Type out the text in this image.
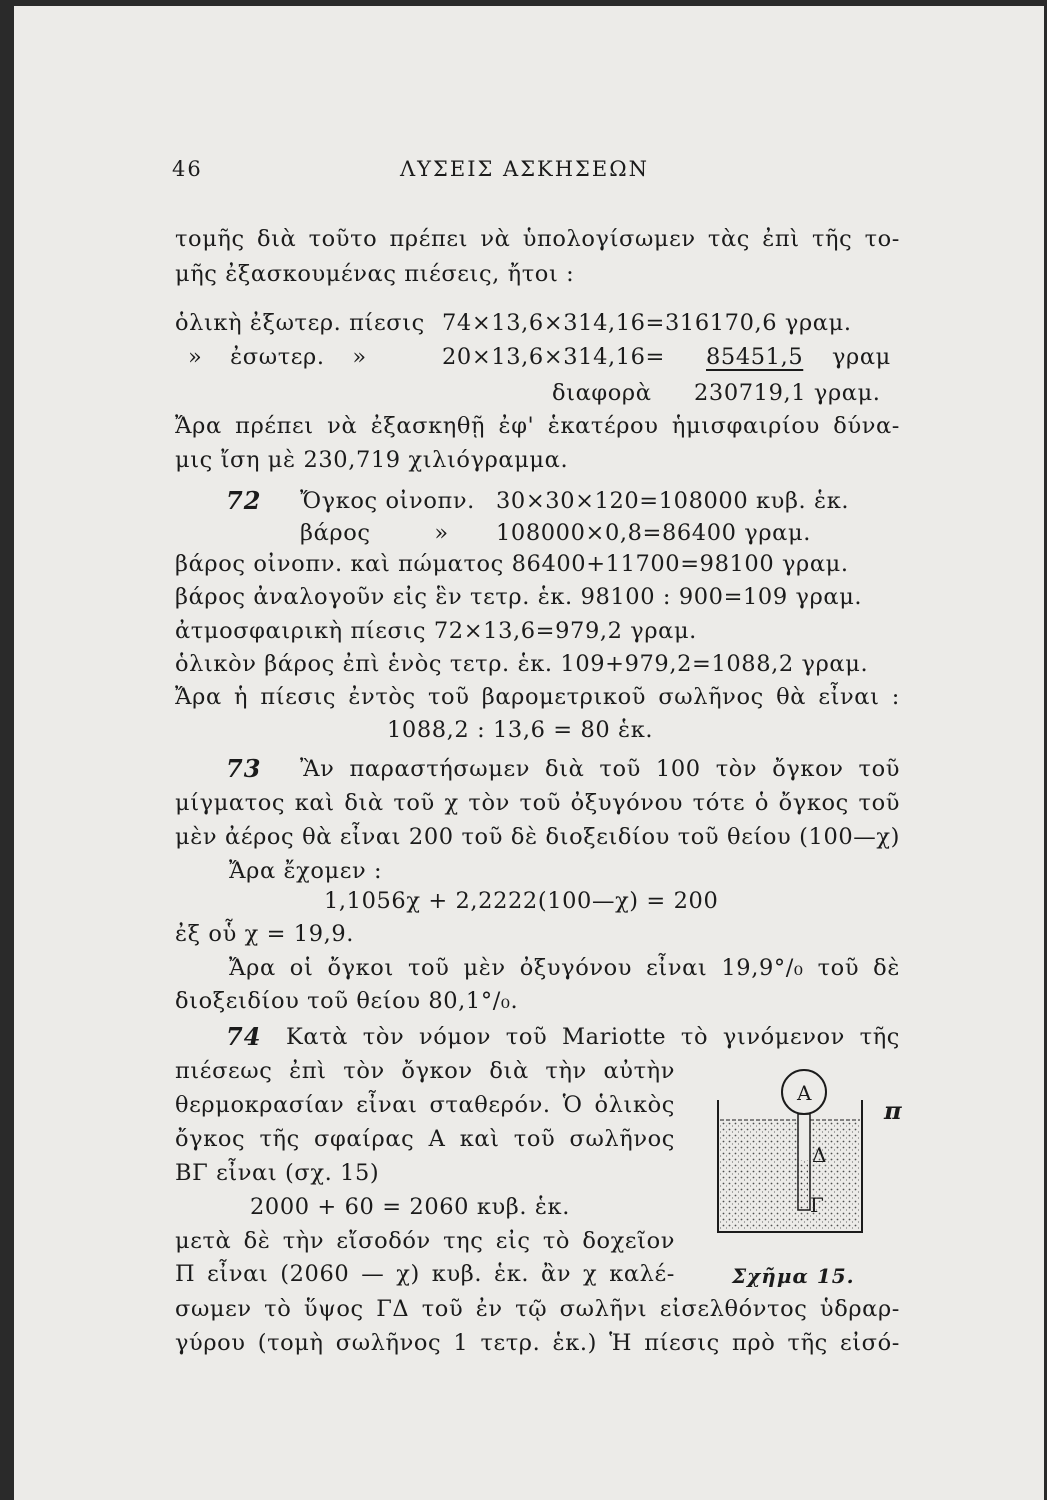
46	ΛΥΣΕΙΣ ΑΣΚΗΣΕΩΝ
τομῆς διὰ τοῦτο πρέπει νὰ ὑπολογίσωμεν τὰς ἐπὶ τῆς το-
μῆς ἐξασκουμένας πιέσεις, ἤτοι :
ὁλικὴ ἐξωτερ. πίεσις 74×13,6×314,16=316170,6 γραμ.
» ἐσωτερ. »	20×13,6×314,16= 85451,5 γραμ
διαφορὰ 230719,1 γραμ.
Ἄρα πρέπει νὰ ἐξασκηθῇ ἐφ' ἑκατέρου ἡμισφαιρίου δύνα-
μις ἴση μὲ 230,719 χιλιόγραμμα.
72 Ὄγκος οἰνοπν. 30×30×120=108000 κυβ. ἑκ.
βάρος » 108000×0,8=86400 γραμ.
βάρος οἰνοπν. καὶ πώματος 86400+11700=98100 γραμ.
βάρος ἀναλογοῦν εἰς ἓν τετρ. ἑκ. 98100 : 900=109 γραμ.
ἀτμοσφαιρικὴ πίεσις 72×13,6=979,2 γραμ.
ὁλικὸν βάρος ἐπὶ ἑνὸς τετρ. ἑκ. 109+979,2=1088,2 γραμ.
Ἄρα ἡ πίεσις ἐντὸς τοῦ βαρομετρικοῦ σωλῆνος θὰ εἶναι :
1088,2 : 13,6 = 80 ἑκ.
73 Ἂν παραστήσωμεν διὰ τοῦ 100 τὸν ὄγκον τοῦ
μίγματος καὶ διὰ τοῦ χ τὸν τοῦ ὀξυγόνου τότε ὁ ὄγκος τοῦ
μὲν ἀέρος θὰ εἶναι 200 τοῦ δὲ διοξειδίου τοῦ θείου (100—χ)
Ἄρα ἔχομεν :
1,1056χ + 2,2222(100—χ) = 200
ἐξ οὗ χ = 19,9.
Ἄρα οἱ ὄγκοι τοῦ μὲν ὀξυγόνου εἶναι 19,9°/₀ τοῦ δὲ
διοξειδίου τοῦ θείου 80,1°/₀.
74 Κατὰ τὸν νόμον τοῦ Mariotte τὸ γινόμενον τῆς
πιέσεως ἐπὶ τὸν ὄγκον διὰ τὴν αὐτὴν
θερμοκρασίαν εἶναι σταθερόν. Ὁ ὁλικὸς
ὄγκος τῆς σφαίρας Α καὶ τοῦ σωλῆνος
ΒΓ εἶναι (σχ. 15)
2000 + 60 = 2060 κυβ. ἑκ.
μετὰ δὲ τὴν εἴσοδόν της εἰς τὸ δοχεῖον
Π εἶναι (2060 — χ) κυβ. ἑκ. ἂν χ καλέ-
σωμεν τὸ ὕψος ΓΔ τοῦ ἐν τῷ σωλῆνι εἰσελθόντος ὑδραρ-
γύρου (τομὴ σωλῆνος 1 τετρ. ἑκ.) Ἡ πίεσις πρὸ τῆς εἰσό-
Α
π
Δ
Γ
Σχῆμα 15.
